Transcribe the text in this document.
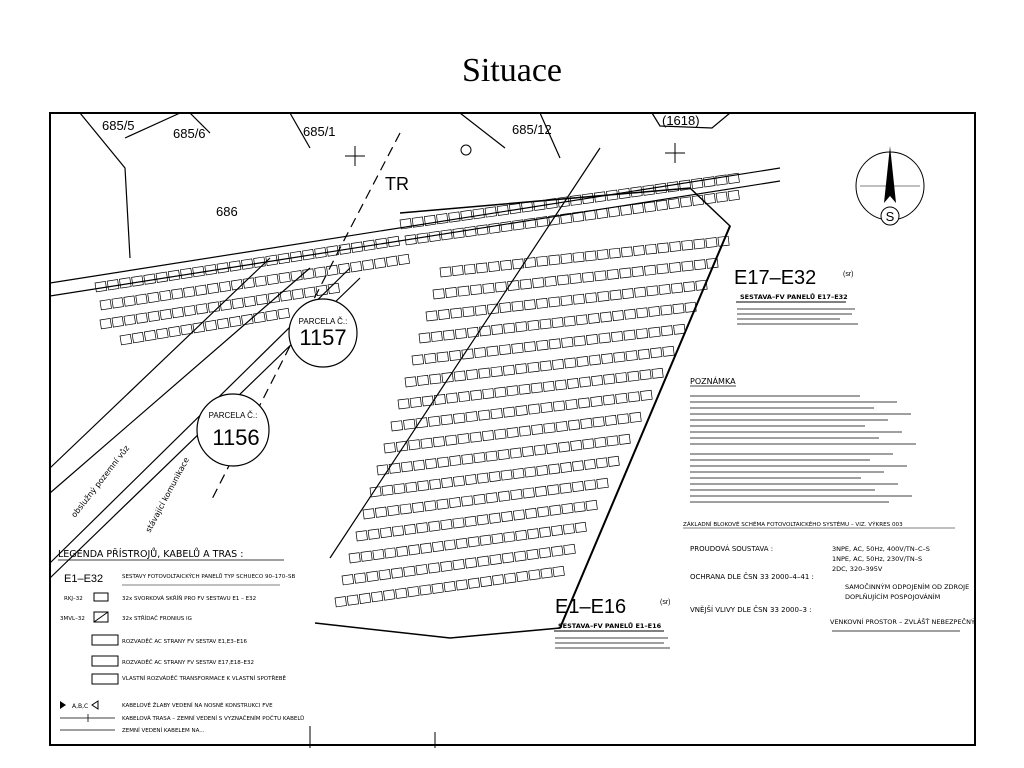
Situace
685/5
685/6	685/1	685/12
(1618)
686
TR
PARCELA Č.:
1157
PARCELA Č.:
1156
S
obslužný pozemní vůz stávající komunikace
E17–E32	(sr)
SESTAVA–FV PANELŮ E17–E32
E1–E16	(sr)
SESTAVA–FV PANELŮ E1–E16
POZNÁMKA
ZÁKLADNÍ BLOKOVÉ SCHÉMA FOTOVOLTAICKÉHO SYSTÉMU – VIZ. VÝKRES 003
PROUDOVÁ SOUSTAVA :	3NPE, AC, 50Hz, 400V/TN–C–S
1NPE, AC, 50Hz, 230V/TN–S
2DC, 320–395V
OCHRANA DLE ČSN 33 2000–4–41 :
SAMOČINNÝM ODPOJENÍM OD ZDROJE
DOPLŇUJÍCÍM POSPOJOVÁNÍM
VNĚJŠÍ VLIVY DLE ČSN 33 2000–3 :
VENKOVNÍ PROSTOR – ZVLÁŠŤ NEBEZPEČNÝ
LEGENDA PŘÍSTROJŮ, KABELŮ A TRAS :
E1–E32	SESTAVY FOTOVOLTAICKÝCH PANELŮ TYP SCHUECO 90–170–SB
RKJ–32	32x SVORKOVÁ SKŘÍŇ PRO FV SESTAVU E1 – E32
3MVL–32	32x STŘÍDAČ FRONIUS IG
ROZVADĚČ AC STRANY FV SESTAV E1,E3–E16
ROZVADĚČ AC STRANY FV SESTAV E17,E18–E32
VLASTNÍ ROZVÁDĚČ TRANSFORMACE K VLASTNÍ SPOTŘEBĚ
A,B,C	KABELOVÉ ŽLABY VEDENÍ NA NOSNÉ KONSTRUKCI FVE
KABELOVÁ TRASA – ZEMNÍ VEDENÍ S VYZNAČENÍM POČTU KABELŮ
ZEMNÍ VEDENÍ KABELEM NA...
